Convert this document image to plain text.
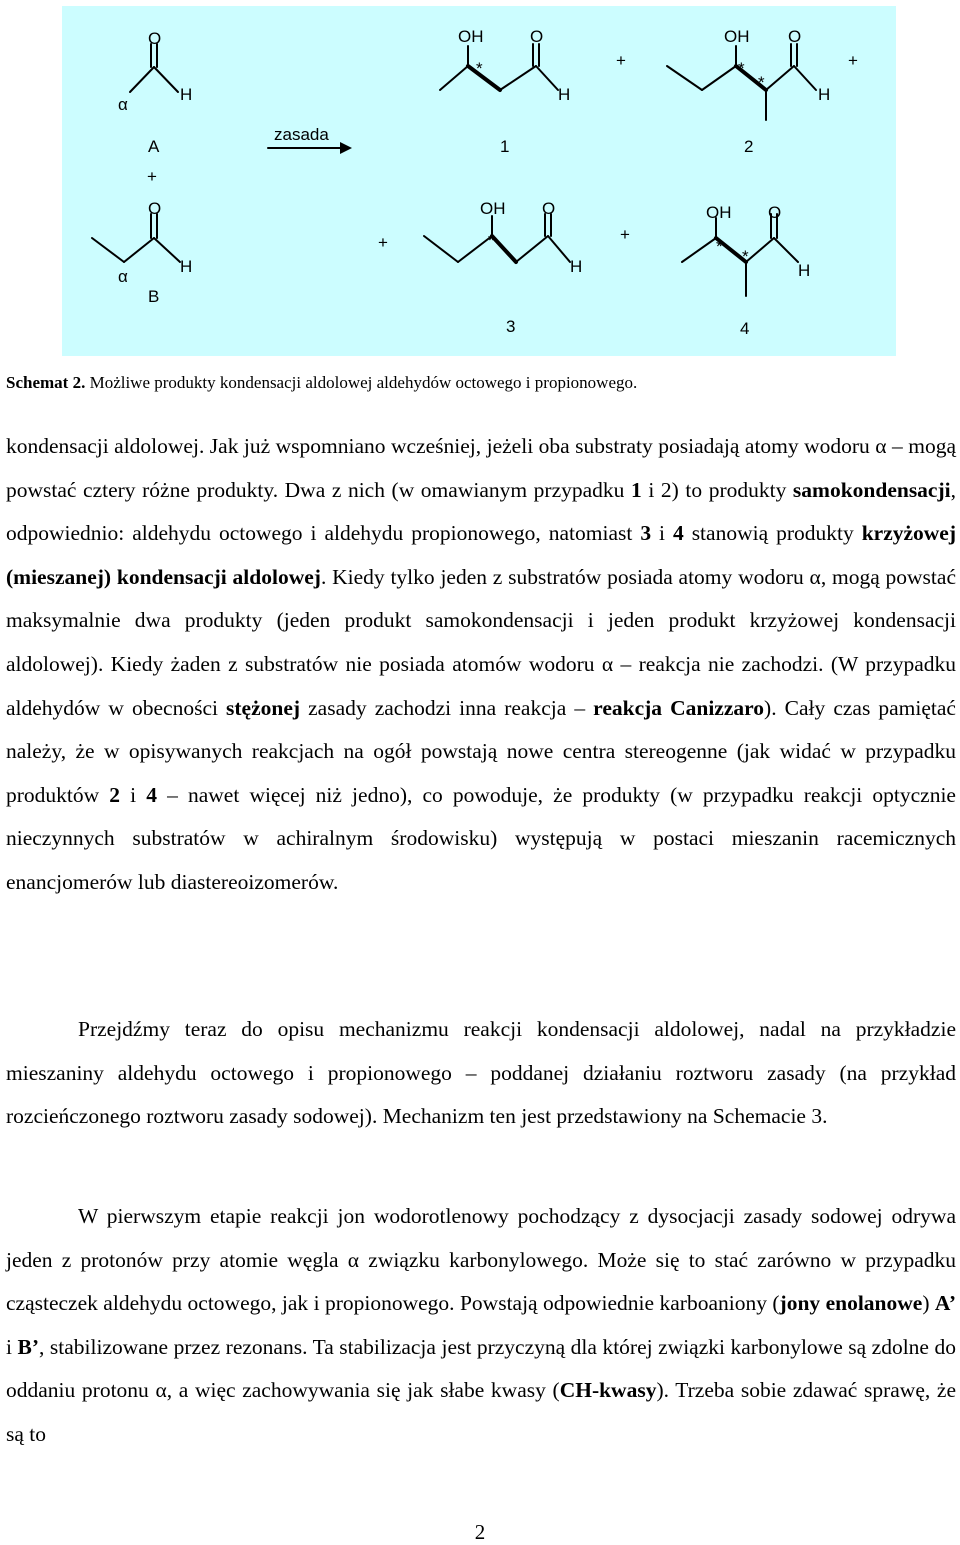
α
O
H
A
+
O
H
α
B
zasada
OH
*
O
H
1
+
OH
*
*
O
H
2
+
+
OH
*
O
H
3
+
OH
*
*
O
H
4
Schemat 2. Możliwe produkty kondensacji aldolowej aldehydów octowego i propionowego.

kondensacji aldolowej. Jak już wspomniano wcześniej, jeżeli oba substraty posiadają atomy wodoru α – mogą powstać cztery różne produkty. Dwa z nich (w omawianym przypadku 1 i 2) to produkty samokondensacji, odpowiednio: aldehydu octowego i aldehydu propionowego, natomiast 3 i 4 stanowią produkty krzyżowej (mieszanej) kondensacji aldolowej. Kiedy tylko jeden z substratów posiada atomy wodoru α, mogą powstać maksymalnie dwa produkty (jeden produkt samokondensacji i jeden produkt krzyżowej kondensacji aldolowej). Kiedy żaden z substratów nie posiada atomów wodoru α – reakcja nie zachodzi. (W przypadku aldehydów w obecności stężonej zasady zachodzi inna reakcja – reakcja Canizzaro). Cały czas pamiętać należy, że w opisywanych reakcjach na ogół powstają nowe centra stereogenne (jak widać w przypadku produktów 2 i 4 – nawet więcej niż jedno), co powoduje, że produkty (w przypadku reakcji optycznie nieczynnych substratów w achiralnym środowisku) występują w postaci mieszanin racemicznych enancjomerów lub diastereoizomerów.

Przejdźmy teraz do opisu mechanizmu reakcji kondensacji aldolowej, nadal na przykładzie mieszaniny aldehydu octowego i propionowego – poddanej działaniu roztworu zasady (na przykład rozcieńczonego roztworu zasady sodowej). Mechanizm ten jest przedstawiony na Schemacie 3.

W pierwszym etapie reakcji jon wodorotlenowy pochodzący z dysocjacji zasady sodowej odrywa jeden z protonów przy atomie węgla α związku karbonylowego. Może się to stać zarówno w przypadku cząsteczek aldehydu octowego, jak i propionowego. Powstają odpowiednie karboaniony (jony enolanowe) A’ i B’, stabilizowane przez rezonans. Ta stabilizacja jest przyczyną dla której związki karbonylowe są zdolne do oddaniu protonu α, a więc zachowywania się jak słabe kwasy (CH-kwasy). Trzeba sobie zdawać sprawę, że są to

2
